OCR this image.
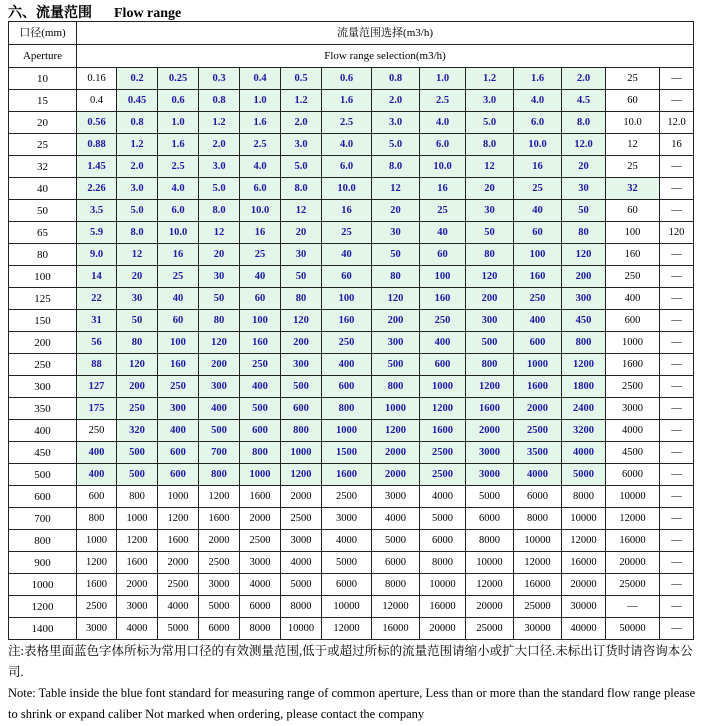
六、流量范围 Flow range
口径(mm)	流量范围选择(m3/h)													
Aperture	Flow range selection(m3/h)													
10	0.16	0.2	0.25	0.3	0.4	0.5	0.6	0.8	1.0	1.2	1.6	2.0	25	—
15	0.4	0.45	0.6	0.8	1.0	1.2	1.6	2.0	2.5	3.0	4.0	4.5	60	—
20	0.56	0.8	1.0	1.2	1.6	2.0	2.5	3.0	4.0	5.0	6.0	8.0	10.0	12.0
25	0.88	1.2	1.6	2.0	2.5	3.0	4.0	5.0	6.0	8.0	10.0	12.0	12	16
32	1.45	2.0	2.5	3.0	4.0	5.0	6.0	8.0	10.0	12	16	20	25	—
40	2.26	3.0	4.0	5.0	6.0	8.0	10.0	12	16	20	25	30	32	—
50	3.5	5.0	6.0	8.0	10.0	12	16	20	25	30	40	50	60	—
65	5.9	8.0	10.0	12	16	20	25	30	40	50	60	80	100	120
80	9.0	12	16	20	25	30	40	50	60	80	100	120	160	—
100	14	20	25	30	40	50	60	80	100	120	160	200	250	—
125	22	30	40	50	60	80	100	120	160	200	250	300	400	—
150	31	50	60	80	100	120	160	200	250	300	400	450	600	—
200	56	80	100	120	160	200	250	300	400	500	600	800	1000	—
250	88	120	160	200	250	300	400	500	600	800	1000	1200	1600	—
300	127	200	250	300	400	500	600	800	1000	1200	1600	1800	2500	—
350	175	250	300	400	500	600	800	1000	1200	1600	2000	2400	3000	—
400	250	320	400	500	600	800	1000	1200	1600	2000	2500	3200	4000	—
450	400	500	600	700	800	1000	1500	2000	2500	3000	3500	4000	4500	—
500	400	500	600	800	1000	1200	1600	2000	2500	3000	4000	5000	6000	—
600	600	800	1000	1200	1600	2000	2500	3000	4000	5000	6000	8000	10000	—
700	800	1000	1200	1600	2000	2500	3000	4000	5000	6000	8000	10000	12000	—
800	1000	1200	1600	2000	2500	3000	4000	5000	6000	8000	10000	12000	16000	—
900	1200	1600	2000	2500	3000	4000	5000	6000	8000	10000	12000	16000	20000	—
1000	1600	2000	2500	3000	4000	5000	6000	8000	10000	12000	16000	20000	25000	—
1200	2500	3000	4000	5000	6000	8000	10000	12000	16000	20000	25000	30000	—	—
1400	3000	4000	5000	6000	8000	10000	12000	16000	20000	25000	30000	40000	50000	—
注:表格里面蓝色字体所标为常用口径的有效测量范围,低于或超过所标的流量范围请缩小或扩大口径.未标出订货时请咨询本公司.
Note: Table inside the blue font standard for measuring range of common aperture, Less than or more than the standard flow range please to shrink or expand caliber Not marked when ordering, please contact the company
